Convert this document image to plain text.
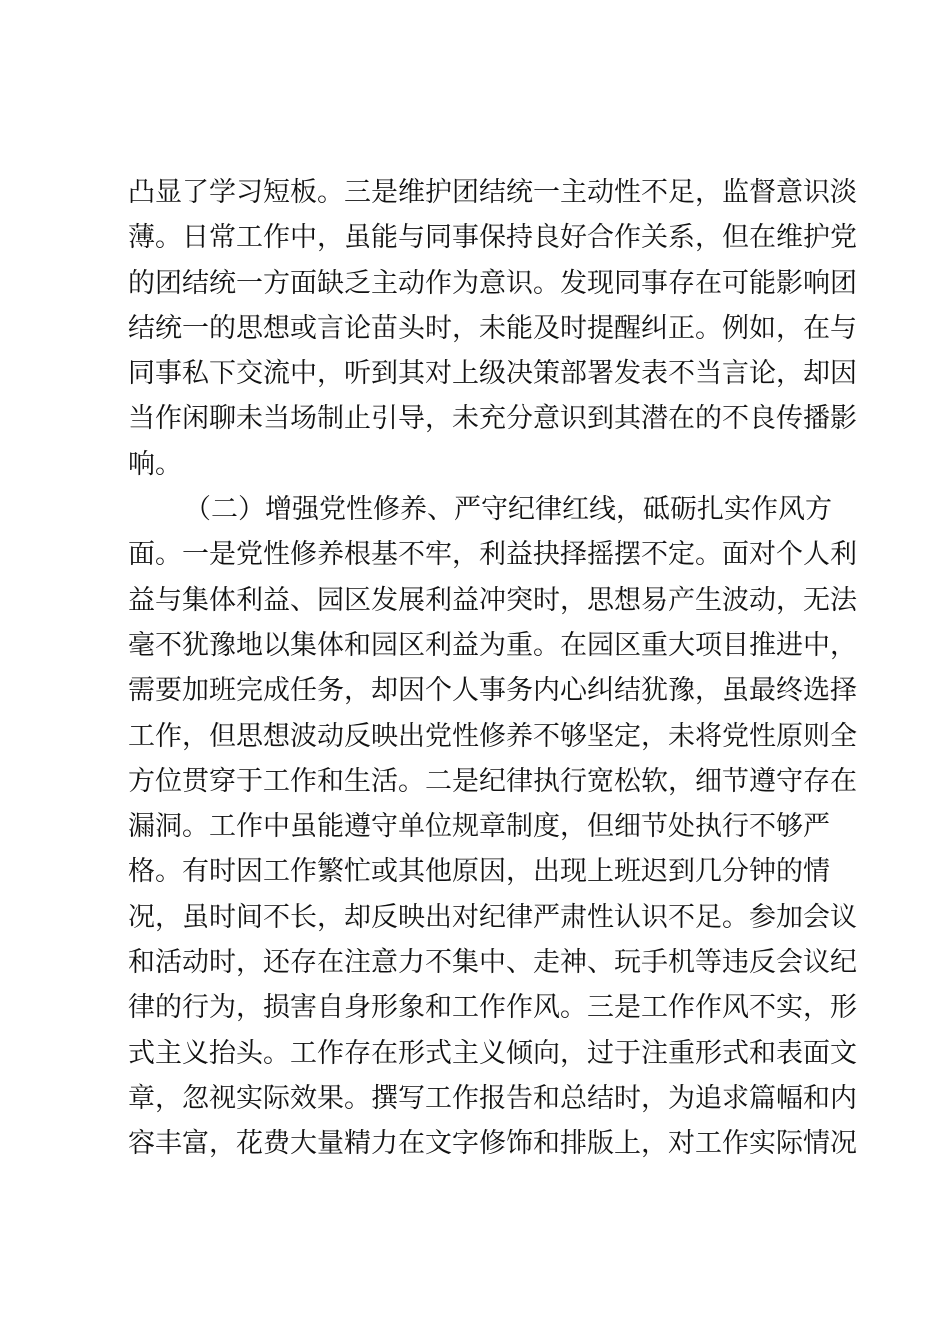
凸显了学习短板。三是维护团结统一主动性不足，监督意识淡
薄。日常工作中，虽能与同事保持良好合作关系，但在维护党
的团结统一方面缺乏主动作为意识。发现同事存在可能影响团
结统一的思想或言论苗头时，未能及时提醒纠正。例如，在与
同事私下交流中，听到其对上级决策部署发表不当言论，却因
当作闲聊未当场制止引导，未充分意识到其潜在的不良传播影
响。
（二）增强党性修养、严守纪律红线，砥砺扎实作风方
面。一是党性修养根基不牢，利益抉择摇摆不定。面对个人利
益与集体利益、园区发展利益冲突时，思想易产生波动，无法
毫不犹豫地以集体和园区利益为重。在园区重大项目推进中，
需要加班完成任务，却因个人事务内心纠结犹豫，虽最终选择
工作，但思想波动反映出党性修养不够坚定，未将党性原则全
方位贯穿于工作和生活。二是纪律执行宽松软，细节遵守存在
漏洞。工作中虽能遵守单位规章制度，但细节处执行不够严
格。有时因工作繁忙或其他原因，出现上班迟到几分钟的情
况，虽时间不长，却反映出对纪律严肃性认识不足。参加会议
和活动时，还存在注意力不集中、走神、玩手机等违反会议纪
律的行为，损害自身形象和工作作风。三是工作作风不实，形
式主义抬头。工作存在形式主义倾向，过于注重形式和表面文
章，忽视实际效果。撰写工作报告和总结时，为追求篇幅和内
容丰富，花费大量精力在文字修饰和排版上，对工作实际情况
